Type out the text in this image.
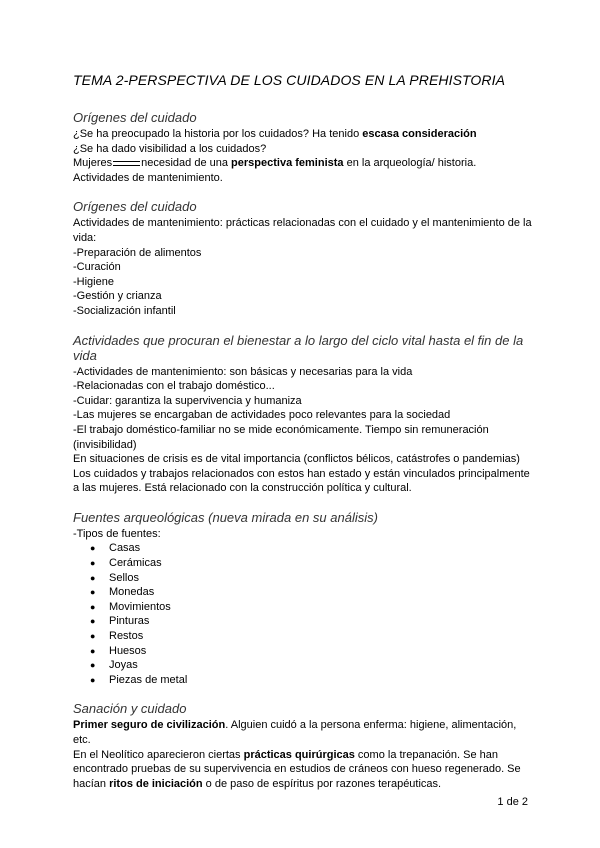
TEMA 2-PERSPECTIVA DE LOS CUIDADOS EN LA PREHISTORIA
Orígenes del cuidado

¿Se ha preocupado la historia por los cuidados? Ha tenido escasa consideración

¿Se ha dado visibilidad a los cuidados?

Mujeres	necesidad de una perspectiva feminista en la arqueología/ historia.

Actividades de mantenimiento.

Orígenes del cuidado

Actividades de mantenimiento: prácticas relacionadas con el cuidado y el mantenimiento de la vida:

-Preparación de alimentos

-Curación

-Higiene

-Gestión y crianza

-Socialización infantil

Actividades que procuran el bienestar a lo largo del ciclo vital hasta el fin de la vida

-Actividades de mantenimiento: son básicas y necesarias para la vida

-Relacionadas con el trabajo doméstico...

-Cuidar: garantiza la supervivencia y humaniza

-Las mujeres se encargaban de actividades poco relevantes para la sociedad

-El trabajo doméstico-familiar no se mide económicamente. Tiempo sin remuneración (invisibilidad)

En situaciones de crisis es de vital importancia (conflictos bélicos, catástrofes o pandemias)

Los cuidados y trabajos relacionados con estos han estado y están vinculados principalmente a las mujeres. Está relacionado con la construcción política y cultural.

Fuentes arqueológicas (nueva mirada en su análisis)

-Tipos de fuentes:

● Casas
● Cerámicas
● Sellos
● Monedas
● Movimientos
● Pinturas
● Restos
● Huesos
● Joyas
● Piezas de metal
Sanación y cuidado

Primer seguro de civilización. Alguien cuidó a la persona enferma: higiene, alimentación, etc.

En el Neolítico aparecieron ciertas prácticas quirúrgicas como la trepanación. Se han encontrado pruebas de su supervivencia en estudios de cráneos con hueso regenerado. Se hacían ritos de iniciación o de paso de espíritus por razones terapéuticas.

1 de 2
